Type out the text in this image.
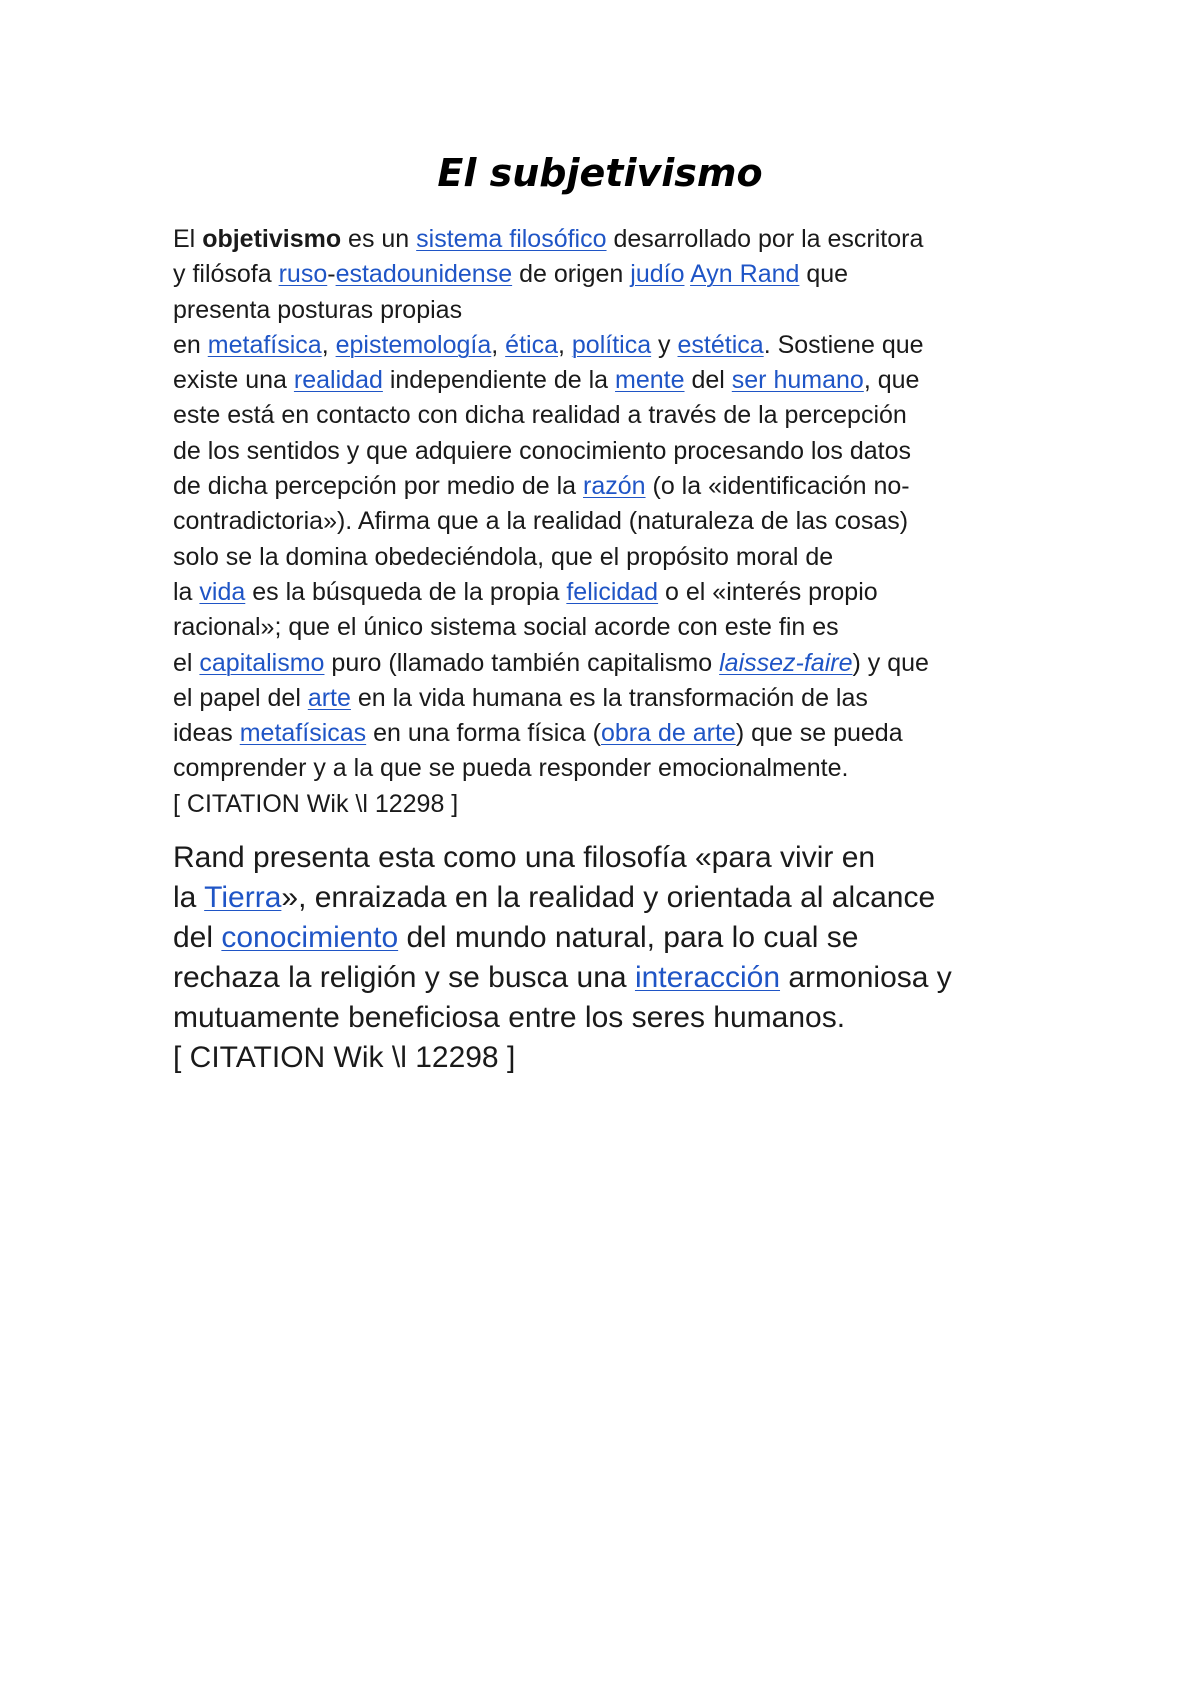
El subjetivismo
El objetivismo es un sistema filosófico desarrollado por la escritora
y filósofa ruso-estadounidense de origen judío Ayn Rand que
presenta posturas propias
en metafísica, epistemología, ética, política y estética. Sostiene que
existe una realidad independiente de la mente del ser humano, que
este está en contacto con dicha realidad a través de la percepción
de los sentidos y que adquiere conocimiento procesando los datos
de dicha percepción por medio de la razón (o la «identificación no-
contradictoria»). Afirma que a la realidad (naturaleza de las cosas)
solo se la domina obedeciéndola, que el propósito moral de
la vida es la búsqueda de la propia felicidad o el «interés propio
racional»; que el único sistema social acorde con este fin es
el capitalismo puro (llamado también capitalismo laissez-faire) y que
el papel del arte en la vida humana es la transformación de las
ideas metafísicas en una forma física (obra de arte) que se pueda
comprender y a la que se pueda responder emocionalmente.
[ CITATION Wik \l 12298 ]
Rand presenta esta como una filosofía «para vivir en
la Tierra», enraizada en la realidad y orientada al alcance
del conocimiento del mundo natural, para lo cual se
rechaza la religión y se busca una interacción armoniosa y
mutuamente beneficiosa entre los seres humanos.
[ CITATION Wik \l 12298 ]
